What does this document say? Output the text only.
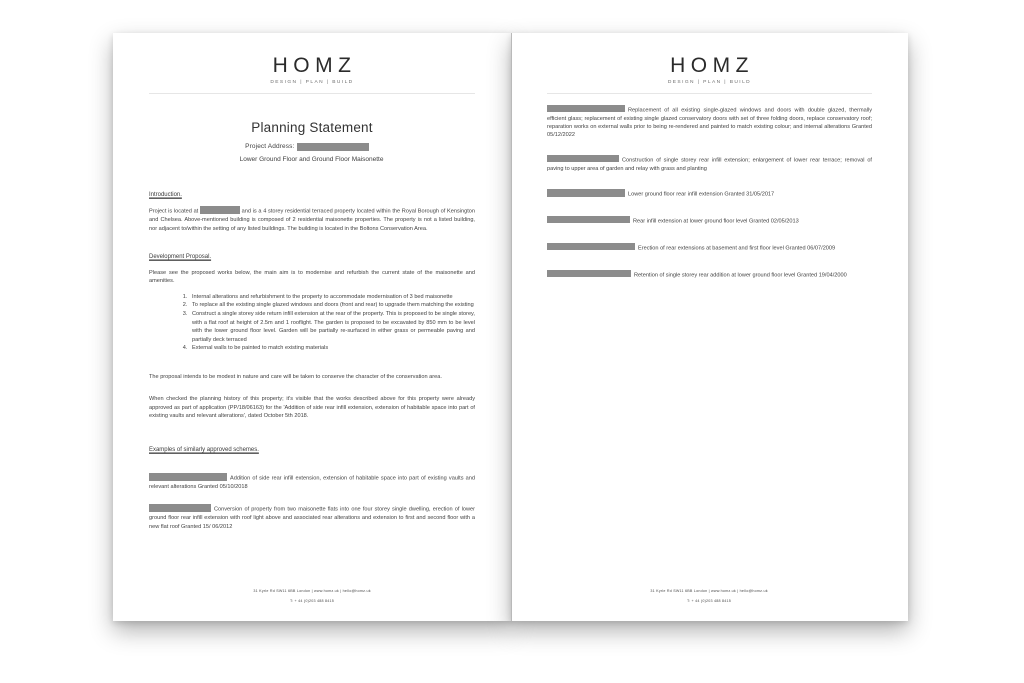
HOMZ
DESIGN | PLAN | BUILD
Planning Statement
Project Address:
Lower Ground Floor and Ground Floor Maisonette
Introduction.

Project is located at	and is a 4 storey residential terraced property located within the Royal Borough of Kensington and Chelsea. Above-mentioned building is composed of 2 residential maisonette properties. The property is not a listed building, nor adjacent to/within the setting of any listed buildings. The building is located in the Boltons Conservation Area.

Development Proposal.

Please see the proposed works below, the main aim is to modernise and refurbish the current state of the maisonette and amenities.

1. Internal alterations and refurbishment to the property to accommodate modernisation of 3 bed maisonette
2. To replace all the existing single glazed windows and doors (front and rear) to upgrade them matching the existing
3. Construct a single storey side return infill extension at the rear of the property. This is proposed to be single storey, with a flat roof at height of 2.5m and 1 rooflight. The garden is proposed to be excavated by 850 mm to be level with the lower ground floor level. Garden will be partially re-surfaced in either grass or permeable paving and partially deck terraced
4. External walls to be painted to match existing materials

The proposal intends to be modest in nature and care will be taken to conserve the character of the conservation area.

When checked the planning history of this property; it's visible that the works described above for this property were already approved as part of application (PP/18/06163) for the 'Addition of side rear infill extension, extension of habitable space into part of existing vaults and relevant alterations', dated October 5th 2018.

Examples of similarly approved schemes.

Addition of side rear infill extension, extension of habitable space into part of existing vaults and relevant alterations Granted 05/10/2018

Conversion of property from two maisonette flats into one four storey single dwelling, erection of lower ground floor rear infill extension with roof light above and associated rear alterations and extension to first and second floor with a new flat roof Granted 15/ 06/2012

31 Kyrle Rd SW11 6BB London | www.homz.uk | hello@homz.uk
T: + 44 (0)203 488 8415
HOMZ
DESIGN | PLAN | BUILD

Replacement of all existing single-glazed windows and doors with double glazed, thermally efficient glass; replacement of existing single glazed conservatory doors with set of three folding doors, replace conservatory roof; reparation works on external walls prior to being re-rendered and painted to match existing colour; and internal alterations Granted 05/12/2022

Construction of single storey rear infill extension; enlargement of lower rear terrace; removal of paving to upper area of garden and relay with grass and planting

Lower ground floor rear infill extension Granted 31/05/2017

Rear infill extension at lower ground floor level Granted 02/05/2013

Erection of rear extensions at basement and first floor level Granted 06/07/2009

Retention of single storey rear addition at lower ground floor level Granted 19/04/2000

31 Kyrle Rd SW11 6BB London | www.homz.uk | hello@homz.uk
T: + 44 (0)203 488 8415
